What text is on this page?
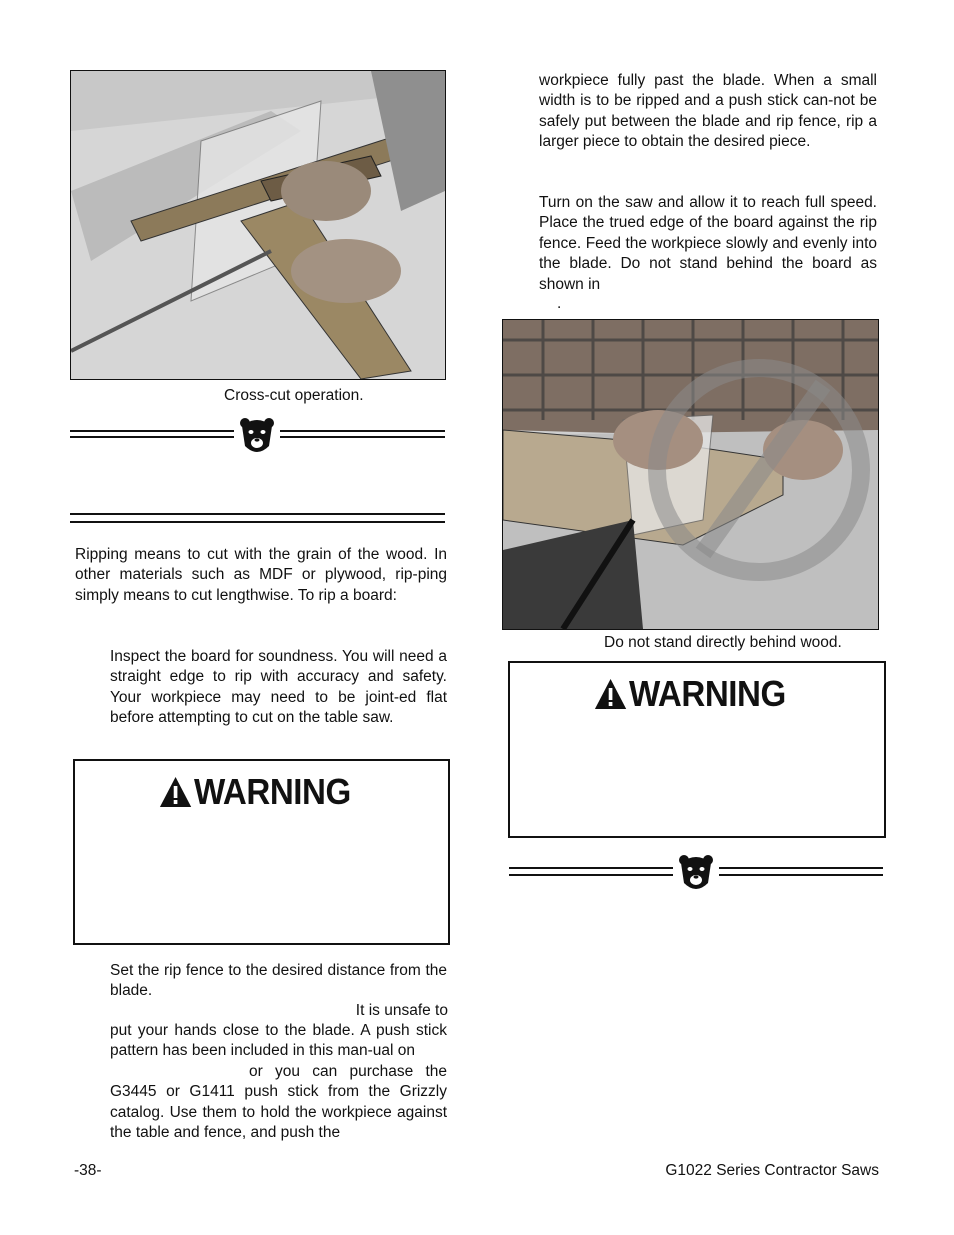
Cross-cut operation.

Ripping means to cut with the grain of the wood. In other materials such as MDF or plywood, rip-ping simply means to cut lengthwise. To rip a board:

Inspect the board for soundness. You will need a straight edge to rip with accuracy and safety. Your workpiece may need to be joint-ed flat before attempting to cut on the table saw.

WARNING

Set the rip fence to the desired distance from the blade.

It is unsafe to

put your hands close to the blade. A push stick pattern has been included in this man-ual on

or you can purchase the G3445 or G1411 push stick from the Grizzly catalog. Use them to hold the workpiece against the table and fence, and push the

workpiece fully past the blade. When a small width is to be ripped and a push stick can-not be safely put between the blade and rip fence, rip a larger piece to obtain the desired piece.

Turn on the saw and allow it to reach full speed. Place the trued edge of the board against the rip fence. Feed the workpiece slowly and evenly into the blade. Do not stand behind the board as shown in

.
Do not stand directly behind wood.
WARNING
-38-	G1022 Series Contractor Saws
